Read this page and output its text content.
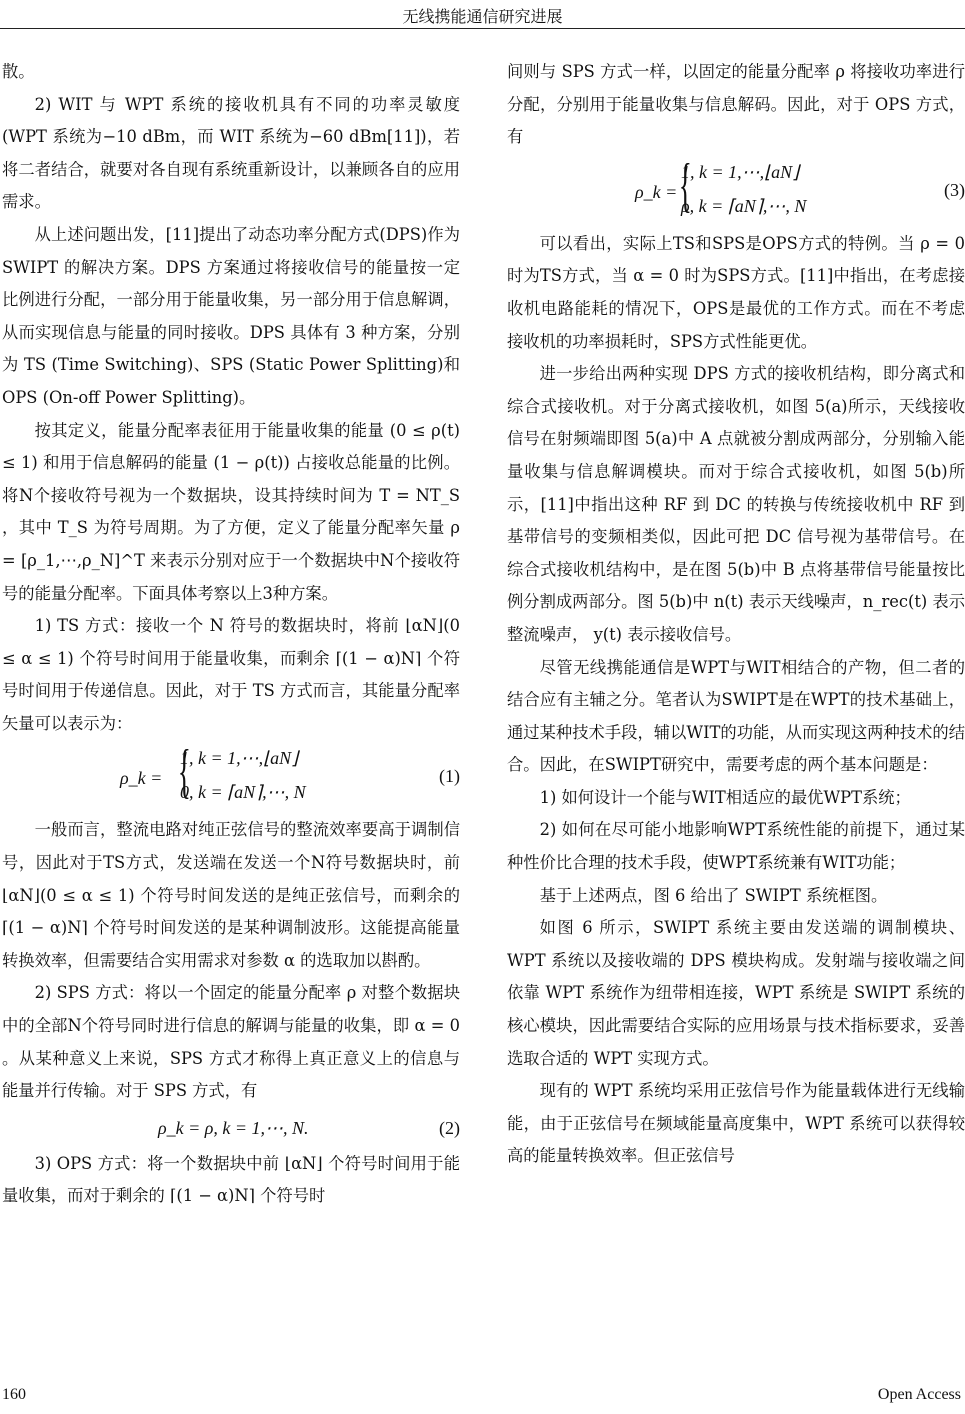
无线携能通信研究进展

散。

2) WIT 与 WPT 系统的接收机具有不同的功率灵敏度(WPT 系统为−10 dBm，而 WIT 系统为−60 dBm[11])，若将二者结合，就要对各自现有系统重新设计，以兼顾各自的应用需求。

从上述问题出发，[11]提出了动态功率分配方式(DPS)作为 SWIPT 的解决方案。DPS 方案通过将接收信号的能量按一定比例进行分配，一部分用于能量收集，另一部分用于信息解调，从而实现信息与能量的同时接收。DPS 具体有 3 种方案，分别为 TS (Time Switching)、SPS (Static Power Splitting)和 OPS (On-off Power Splitting)。

按其定义，能量分配率表征用于能量收集的能量 (0 ≤ ρ(t) ≤ 1) 和用于信息解码的能量 (1 − ρ(t)) 占接收总能量的比例。将N个接收符号视为一个数据块，设其持续时间为 T = NT_S ，其中 T_S 为符号周期。为了方便，定义了能量分配率矢量 ρ = [ρ_1,⋯,ρ_N]^T 来表示分别对应于一个数据块中N个接收符号的能量分配率。下面具体考察以上3种方案。

1) TS 方式：接收一个 N 符号的数据块时，将前 ⌊αN⌋(0 ≤ α ≤ 1) 个符号时间用于能量收集，而剩余 ⌈(1 − α)N⌉ 个符号时间用于传递信息。因此，对于 TS 方式而言，其能量分配率矢量可以表示为：

ρ_k = {
1, k = 1,⋯,⌊aN⌋
0, k = ⌈aN⌉,⋯, N
(1)

一般而言，整流电路对纯正弦信号的整流效率要高于调制信号，因此对于TS方式，发送端在发送一个N符号数据块时，前 ⌊αN⌋(0 ≤ α ≤ 1) 个符号时间发送的是纯正弦信号，而剩余的 ⌈(1 − α)N⌉ 个符号时间发送的是某种调制波形。这能提高能量转换效率，但需要结合实用需求对参数 α 的选取加以斟酌。

2) SPS 方式：将以一个固定的能量分配率 ρ 对整个数据块中的全部N个符号同时进行信息的解调与能量的收集，即 α = 0 。从某种意义上来说，SPS 方式才称得上真正意义上的信息与能量并行传输。对于 SPS 方式，有

ρ_k = ρ, k = 1,⋯, N.	(2)

3) OPS 方式：将一个数据块中前 ⌊αN⌋ 个符号时间用于能量收集，而对于剩余的 ⌈(1 − α)N⌉ 个符号时

间则与 SPS 方式一样，以固定的能量分配率 ρ 将接收功率进行分配，分别用于能量收集与信息解码。因此，对于 OPS 方式，有

ρ_k = {
1, k = 1,⋯,⌊aN⌋
ρ, k = ⌈aN⌉,⋯, N
(3)

可以看出，实际上TS和SPS是OPS方式的特例。当 ρ = 0 时为TS方式，当 α = 0 时为SPS方式。[11]中指出，在考虑接收机电路能耗的情况下，OPS是最优的工作方式。而在不考虑接收机的功率损耗时，SPS方式性能更优。

进一步给出两种实现 DPS 方式的接收机结构，即分离式和综合式接收机。对于分离式接收机，如图 5(a)所示，天线接收信号在射频端即图 5(a)中 A 点就被分割成两部分，分别输入能量收集与信息解调模块。而对于综合式接收机，如图 5(b)所示，[11]中指出这种 RF 到 DC 的转换与传统接收机中 RF 到基带信号的变频相类似，因此可把 DC 信号视为基带信号。在综合式接收机结构中，是在图 5(b)中 B 点将基带信号能量按比例分割成两部分。图 5(b)中 n(t) 表示天线噪声，n_rec(t) 表示整流噪声， y(t) 表示接收信号。

尽管无线携能通信是WPT与WIT相结合的产物，但二者的结合应有主辅之分。笔者认为SWIPT是在WPT的技术基础上，通过某种技术手段，辅以WIT的功能，从而实现这两种技术的结合。因此，在SWIPT研究中，需要考虑的两个基本问题是：

1) 如何设计一个能与WIT相适应的最优WPT系统；

2) 如何在尽可能小地影响WPT系统性能的前提下，通过某种性价比合理的技术手段，使WPT系统兼有WIT功能；

基于上述两点，图 6 给出了 SWIPT 系统框图。

如图 6 所示，SWIPT 系统主要由发送端的调制模块、WPT 系统以及接收端的 DPS 模块构成。发射端与接收端之间依靠 WPT 系统作为纽带相连接，WPT 系统是 SWIPT 系统的核心模块，因此需要结合实际的应用场景与技术指标要求，妥善选取合适的 WPT 实现方式。

现有的 WPT 系统均采用正弦信号作为能量载体进行无线输能，由于正弦信号在频域能量高度集中，WPT 系统可以获得较高的能量转换效率。但正弦信号

160	Open Access
